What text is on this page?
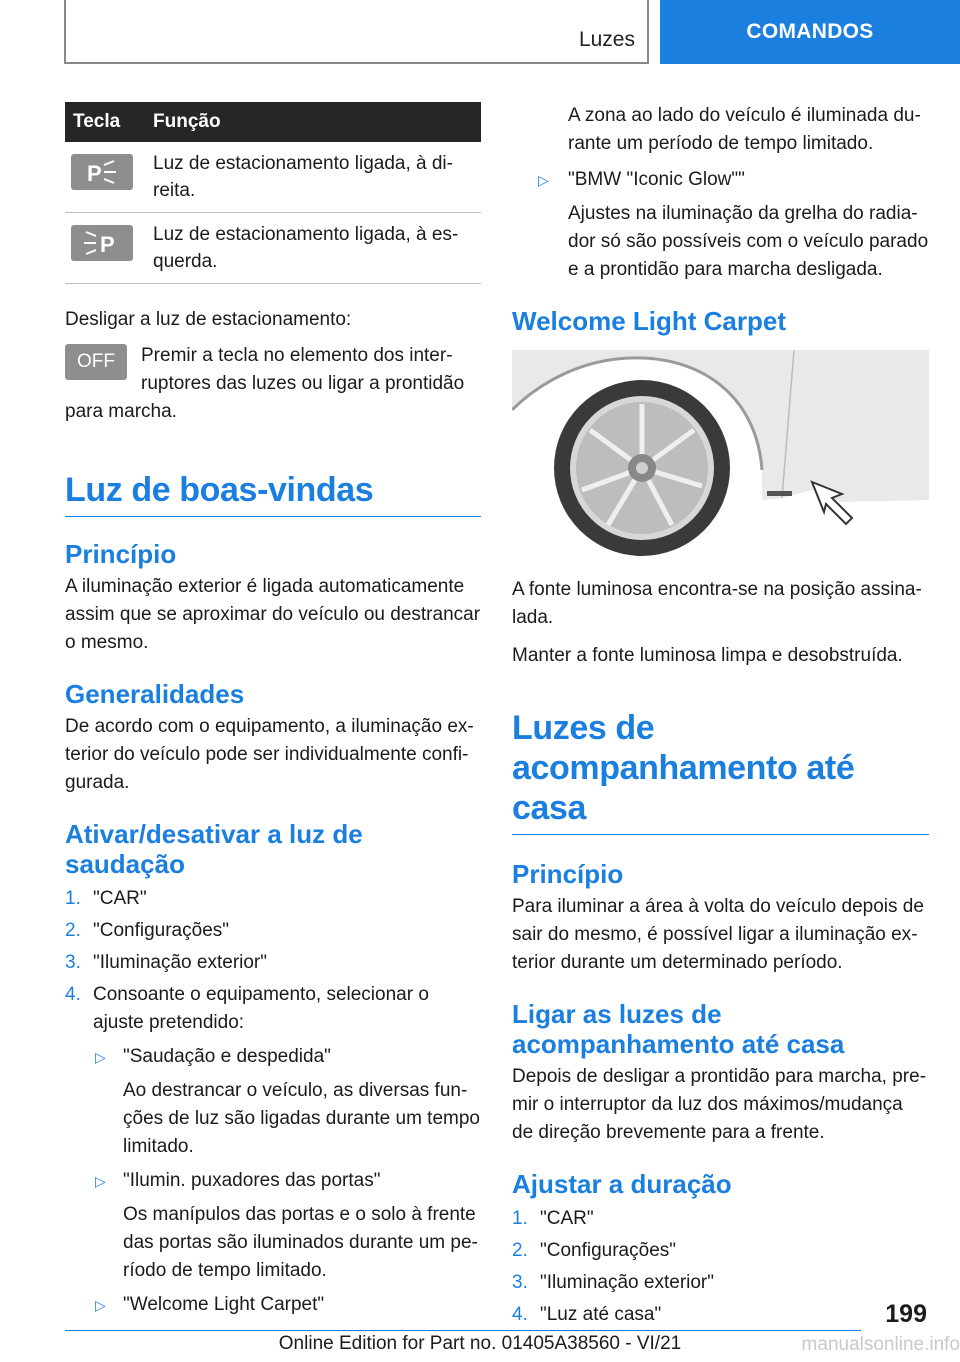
Luzes	COMANDOS
Tecla	Função

P	Luz de estacionamento ligada, à direita.

P	Luz de estacionamento ligada, à esquerda.

Desligar a luz de estacionamento:

OFF	Premir a tecla no elemento dos interruptores das luzes ou ligar a prontidão para marcha.

Luz de boas-vindas
Princípio

A iluminação exterior é ligada automaticamente assim que se aproximar do veículo ou destrancar o mesmo.

Generalidades

De acordo com o equipamento, a iluminação exterior do veículo pode ser individualmente configurada.

Ativar/desativar a luz de saudação
1. "CAR"
2. "Configurações"
3. "Iluminação exterior"
4. Consoante o equipamento, selecionar o ajuste pretendido:
▷ "Saudação e despedida"
Ao destrancar o veículo, as diversas funções de luz são ligadas durante um tempo limitado.
▷ "Ilumin. puxadores das portas"
Os manípulos das portas e o solo à frente das portas são iluminados durante um período de tempo limitado.
▷ "Welcome Light Carpet"
A zona ao lado do veículo é iluminada durante um período de tempo limitado.
▷ "BMW "Iconic Glow""
Ajustes na iluminação da grelha do radiador só são possíveis com o veículo parado e a prontidão para marcha desligada.
Welcome Light Carpet

A fonte luminosa encontra-se na posição assinalada.

Manter a fonte luminosa limpa e desobstruída.

Luzes de acompanhamento até casa
Princípio

Para iluminar a área à volta do veículo depois de sair do mesmo, é possível ligar a iluminação exterior durante um determinado período.

Ligar as luzes de acompanhamento até casa

Depois de desligar a prontidão para marcha, premir o interruptor da luz dos máximos/mudança de direção brevemente para a frente.

Ajustar a duração
1. "CAR"
2. "Configurações"
3. "Iluminação exterior"
4. "Luz até casa"	199
Online Edition for Part no. 01405A38560 - VI/21	manualsonline.info
